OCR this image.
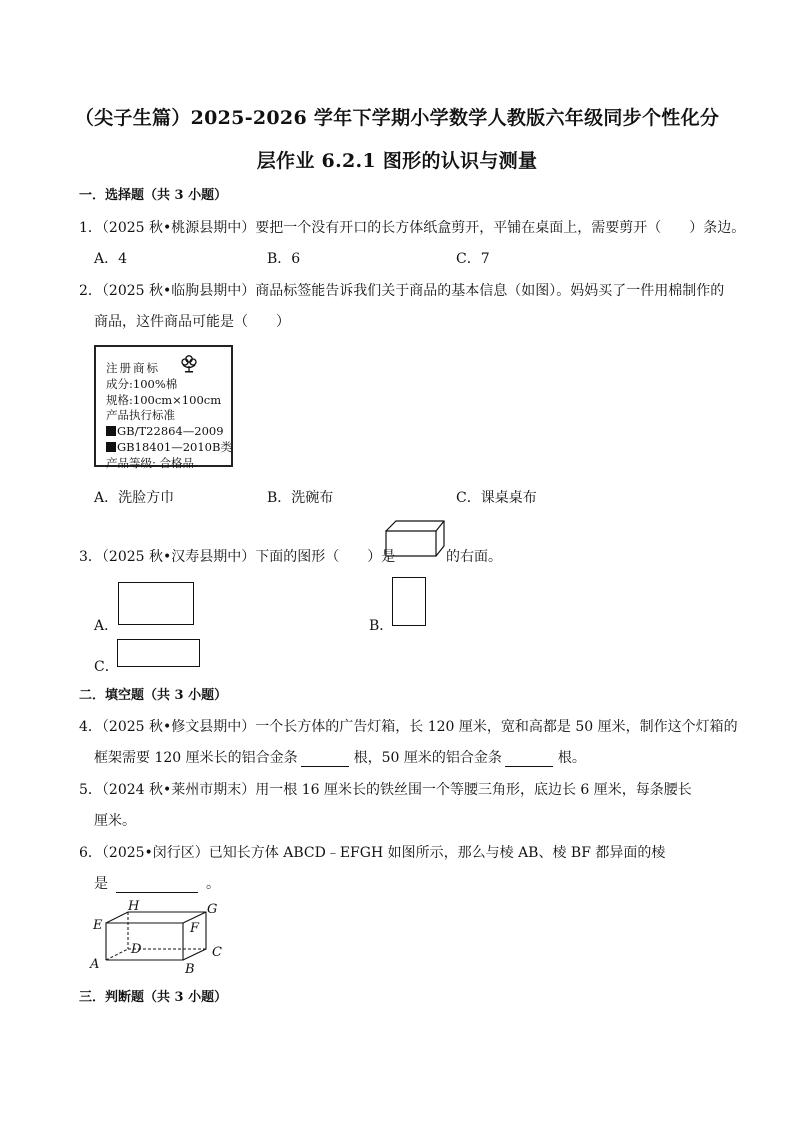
（尖子生篇）2025-2026 学年下学期小学数学人教版六年级同步个性化分
层作业 6.2.1 图形的认识与测量
一．选择题（共 3 小题）
1．（2025 秋•桃源县期中）要把一个没有开口的长方体纸盒剪开，平铺在桌面上，需要剪开（　　）条边。
A．4	B．6	C．7
2．（2025 秋•临朐县期中）商品标签能告诉我们关于商品的基本信息（如图）。妈妈买了一件用棉制作的
商品，这件商品可能是（　　）
注册商标
成分:100%棉
规格:100cm×100cm
产品执行标准
GB/T22864—2009
GB18401—2010B类
产品等级: 合格品
A．洗脸方巾	B．洗碗布	C．课桌桌布
3．（2025 秋•汉寿县期中）下面的图形（　　）是	的右面。
A．	B．
C．
二．填空题（共 3 小题）
4．（2025 秋•修文县期中）一个长方体的广告灯箱，长 120 厘米，宽和高都是 50 厘米，制作这个灯箱的
框架需要 120 厘米长的铝合金条	根，50 厘米的铝合金条	根。
5．（2024 秋•莱州市期末）用一根 16 厘米长的铁丝围一个等腰三角形，底边长 6 厘米，每条腰长
厘米。
6．（2025•闵行区）已知长方体 ABCD﹣EFGH 如图所示，那么与棱 AB、棱 BF 都异面的棱
是	。
A	B
C
D
E	F
G
H
三．判断题（共 3 小题）
